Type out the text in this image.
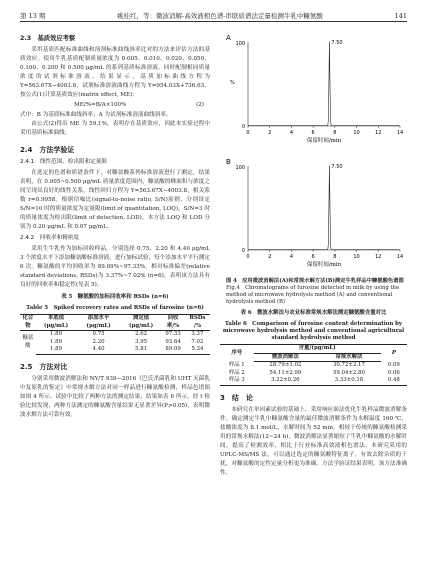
第 13 期	姚桂红，等：微波消解-高效液相色谱-串联质谱法定量检测牛乳中糠氨酸	141
2.3　基质效应考察

采用基质匹配标准曲线和溶剂标准曲线斜率比对的方法来评估方法的基质效应。使用牛乳基质配制质量浓度为 0.005、0.010、0.020、0.050、0.100、0.200 和 0.500 μg/mL 的系列基质标准溶液，同时配制相同质量浓度的试剂标准溶液。结果显示，基质加标曲线方程为 Y=563.67X−4003.8，试剂标准溶液曲线方程为 Y=954.03X+736.63，按公式(1)计算基质效应(matrix effect, ME)：

ME/%=B/A×100%	(2)

式中：B 为基质标准曲线斜率；A 为试剂标准溶液曲线斜率。

由公式(2)得出 ME 为 59.1%，表明存在基质效应，因此本实验过程中采用基质标准曲线。

2.4　方法学验证
2.4.1　线性范围、检出限和定量限

在选定的色谱和质谱条件下，对糠氨酸系列标准溶液进行了测定，结果表明，在 0.005~0.500 μg/mL 质量浓度范围内，糠氨酸的峰面积与浓度之间呈现出良好的线性关系，线性回归方程为 Y=563.67X−4003.8，相关系数 r=0.9958。根据信噪比(signal-to-noise ratio, S/N)原则，分别设定 S/N=10 时的质量浓度为定量限(limit of quantitation, LOQ)，S/N=3 时的质量浓度为检出限(limit of detection, LOD)，本方法 LOQ 和 LOD 分别为 0.20 μg/mL 和 0.07 μg/mL。

2.4.2　回收率和精密度

采用生牛乳作为加标回收样品，分别选择 0.75、2.20 和 4.40 μg/mL 3 个浓度水平下添加糠氨酸标准溶液，进行加标试验，每个添加水平平行测定 6 次。糠氨酸的平均回收率为 89.09%~97.33%，相对标准偏差(relative standard deviations, RSDs)为 3.37%~7.02% (n=6)，表明该方法具有良好的回收率和稳定性(见表 5)。

表 5　糠氨酸的加标回收率和 RSDs (n=6)
Table 5　Spiked recovery rates and RSDs of furosine (n=6)
化合物	本底值 (μg/mL)	添加水平 (μg/mL)	测定值 (μg/mL)	回收率/%	RSDs /%
糠氨酸	1.89	0.75	2.62	97.33	3.37
	1.89	2.20	3.95	93.64	7.02
	1.89	4.40	5.81	89.09	5.34
2.5　方法对比

分别采用微波消解法和 NY/T 939—2016《巴氏杀菌乳和 UHT 灭菌乳中复原乳的鉴定》中常规水解方法对同一样品进行糠氨酸检测，样品色谱图如图 4 所示。试验中比较了两种方法的测定结果，结果如表 6 所示，经 t 检验比较发现，两种方法测定的糠氨酸含量结果无显著差异(P>0.05)，表明微波水解方法可靠有效。

A
100
0
%
0	2	4	6	8	10	12	14
保留时间/min
7.50

B
100
0
0	2	4	6	8	10	12	14
保留时间/min
7.50
图 4　应用微波消解法(A)和常规水解方法(B)测定牛乳样品中糠氨酸色谱图
Fig.4　Chromatograms of furosine detected in milk by using the method of microwave hydrolysis method (A) and conventional hydrolysis method (B)
表 6　微波水解法与农业标准常规水解法测定糠氨酸含量对比
Table 6　Comparison of furosine content determination by microwave hydrolysis method and conventional agricultural standard hydrolysis method
序号	含量/(μg/mL)		P
	微波消解法	常规水解法	
样品 1	28.79±1.02	30.72±2.17	0.09
样品 2	54.11±2.99	59.04±2.80	0.06
样品 3	3.22±0.26	3.33±0.18	0.48
3　结　论

本研究在单因素试验的基础上，采用响应面法优化牛乳样品微波消解条件。确定测定牛乳中糠氨酸含量的最佳微波消解条件为水解温度 160 ℃，盐酸浓度为 8.1 mol/L，水解时间为 52 min。相较于传统的糠氨酸检测采用的常规水解法(12~24 h)，微波消解法显著缩短了牛乳中糠氨酸的水解时间，提高了检测效率，相比于行业标准高效液相色谱法，本研究采用的 UPLC-MS/MS 法，可以通过选定的糠氨酸特征离子，有效去除杂质的干扰，对糠氨酸的定性定量分析更为准确。方法学验证结果表明，该方法准确性、
